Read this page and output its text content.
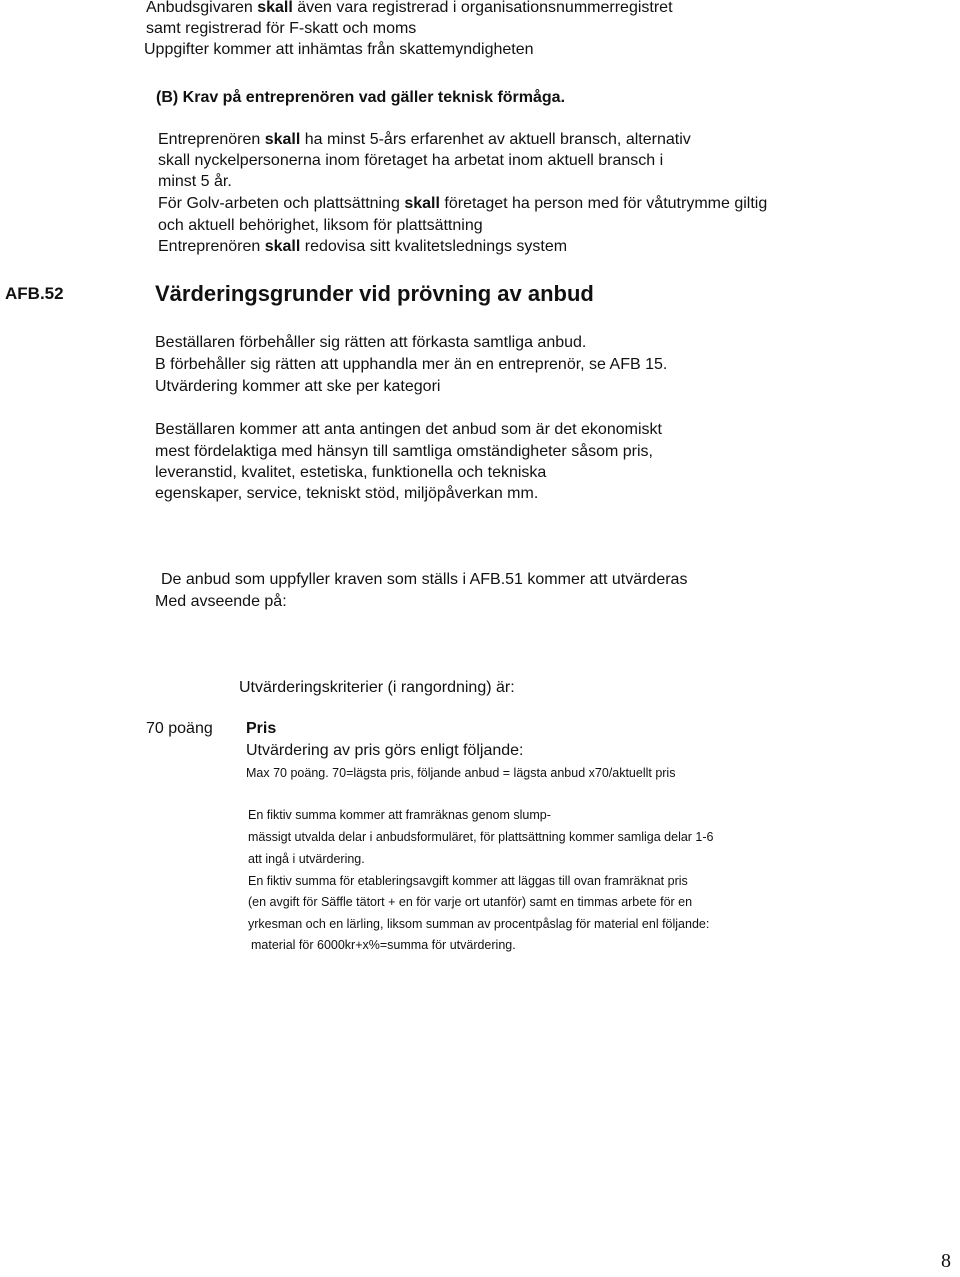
Anbudsgivaren skall även vara registrerad i organisationsnummerregistret
samt registrerad för F-skatt och moms
Uppgifter kommer att inhämtas från skattemyndigheten
(B) Krav på entreprenören vad gäller teknisk förmåga.
Entreprenören skall ha minst 5-års erfarenhet av aktuell bransch, alternativ
skall nyckelpersonerna inom företaget ha arbetat inom aktuell bransch i
minst 5 år.
För Golv-arbeten och plattsättning skall företaget ha person med för våtutrymme giltig
och aktuell behörighet, liksom för plattsättning
Entreprenören skall redovisa sitt kvalitetslednings system
AFB.52	Värderingsgrunder vid prövning av anbud
Beställaren förbehåller sig rätten att förkasta samtliga anbud.
B förbehåller sig rätten att upphandla mer än en entreprenör, se AFB 15.
Utvärdering kommer att ske per kategori
Beställaren kommer att anta antingen det anbud som är det ekonomiskt
mest fördelaktiga med hänsyn till samtliga omständigheter såsom pris,
leveranstid, kvalitet, estetiska, funktionella och tekniska
egenskaper, service, tekniskt stöd, miljöpåverkan mm.
De anbud som uppfyller kraven som ställs i AFB.51 kommer att utvärderas
Med avseende på:
Utvärderingskriterier (i rangordning) är:
70 poäng Pris
Utvärdering av pris görs enligt följande:
Max 70 poäng. 70=lägsta pris, följande anbud = lägsta anbud x70/aktuellt pris
En fiktiv summa kommer att framräknas genom slump-
mässigt utvalda delar i anbudsformuläret, för plattsättning kommer samliga delar 1-6
att ingå i utvärdering.
En fiktiv summa för etableringsavgift kommer att läggas till ovan framräknat pris
(en avgift för Säffle tätort + en för varje ort utanför) samt en timmas arbete för en
yrkesman och en lärling, liksom summan av procentpåslag för material enl följande:
material för 6000kr+x%=summa för utvärdering.
8
